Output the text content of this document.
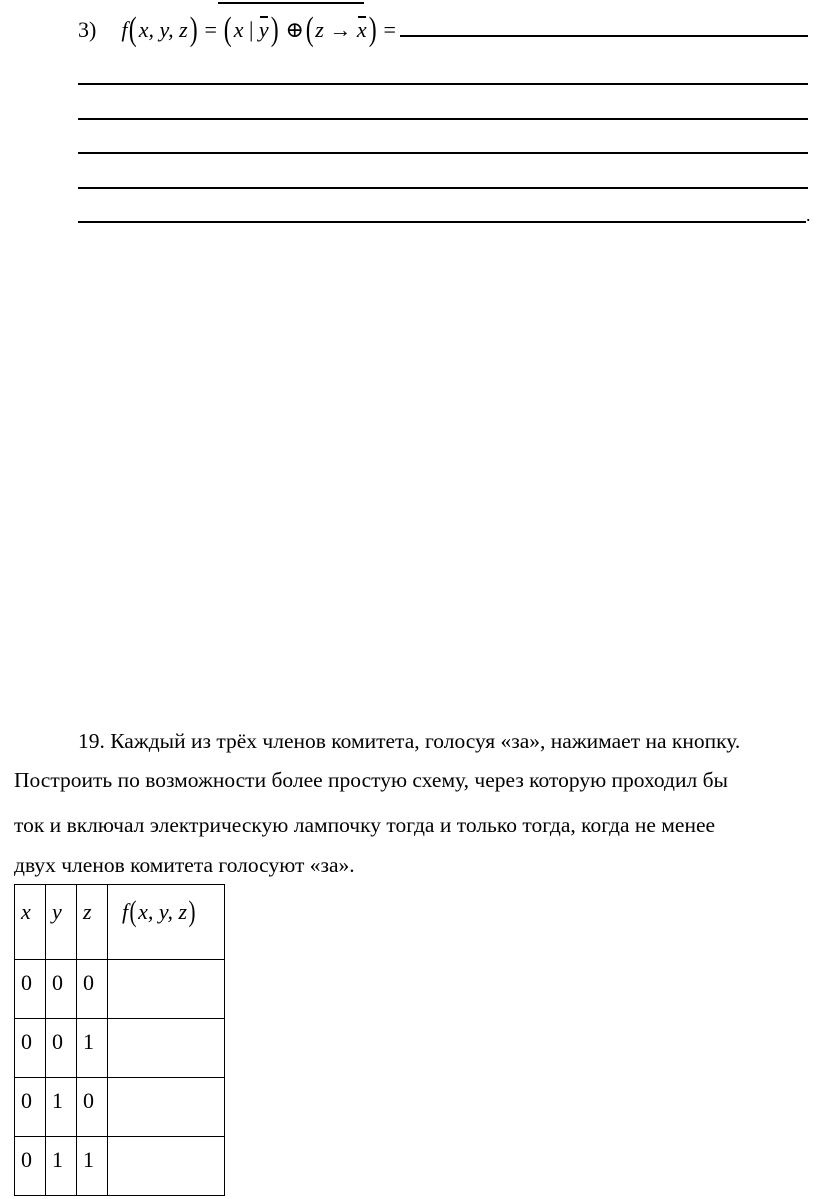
3) f(x, y, z) = (x | y) ⊕(z → x) =
.
19. Каждый из трёх членов комитета, голосуя «за», нажимает на кнопку.
Построить по возможности более простую схему, через которую проходил бы
ток и включал электрическую лампочку тогда и только тогда, когда не менее
двух членов комитета голосуют «за».
x	y	z	f(x, y, z)

0	0	0	

0	0	1	

0	1	0	

0	1	1	
